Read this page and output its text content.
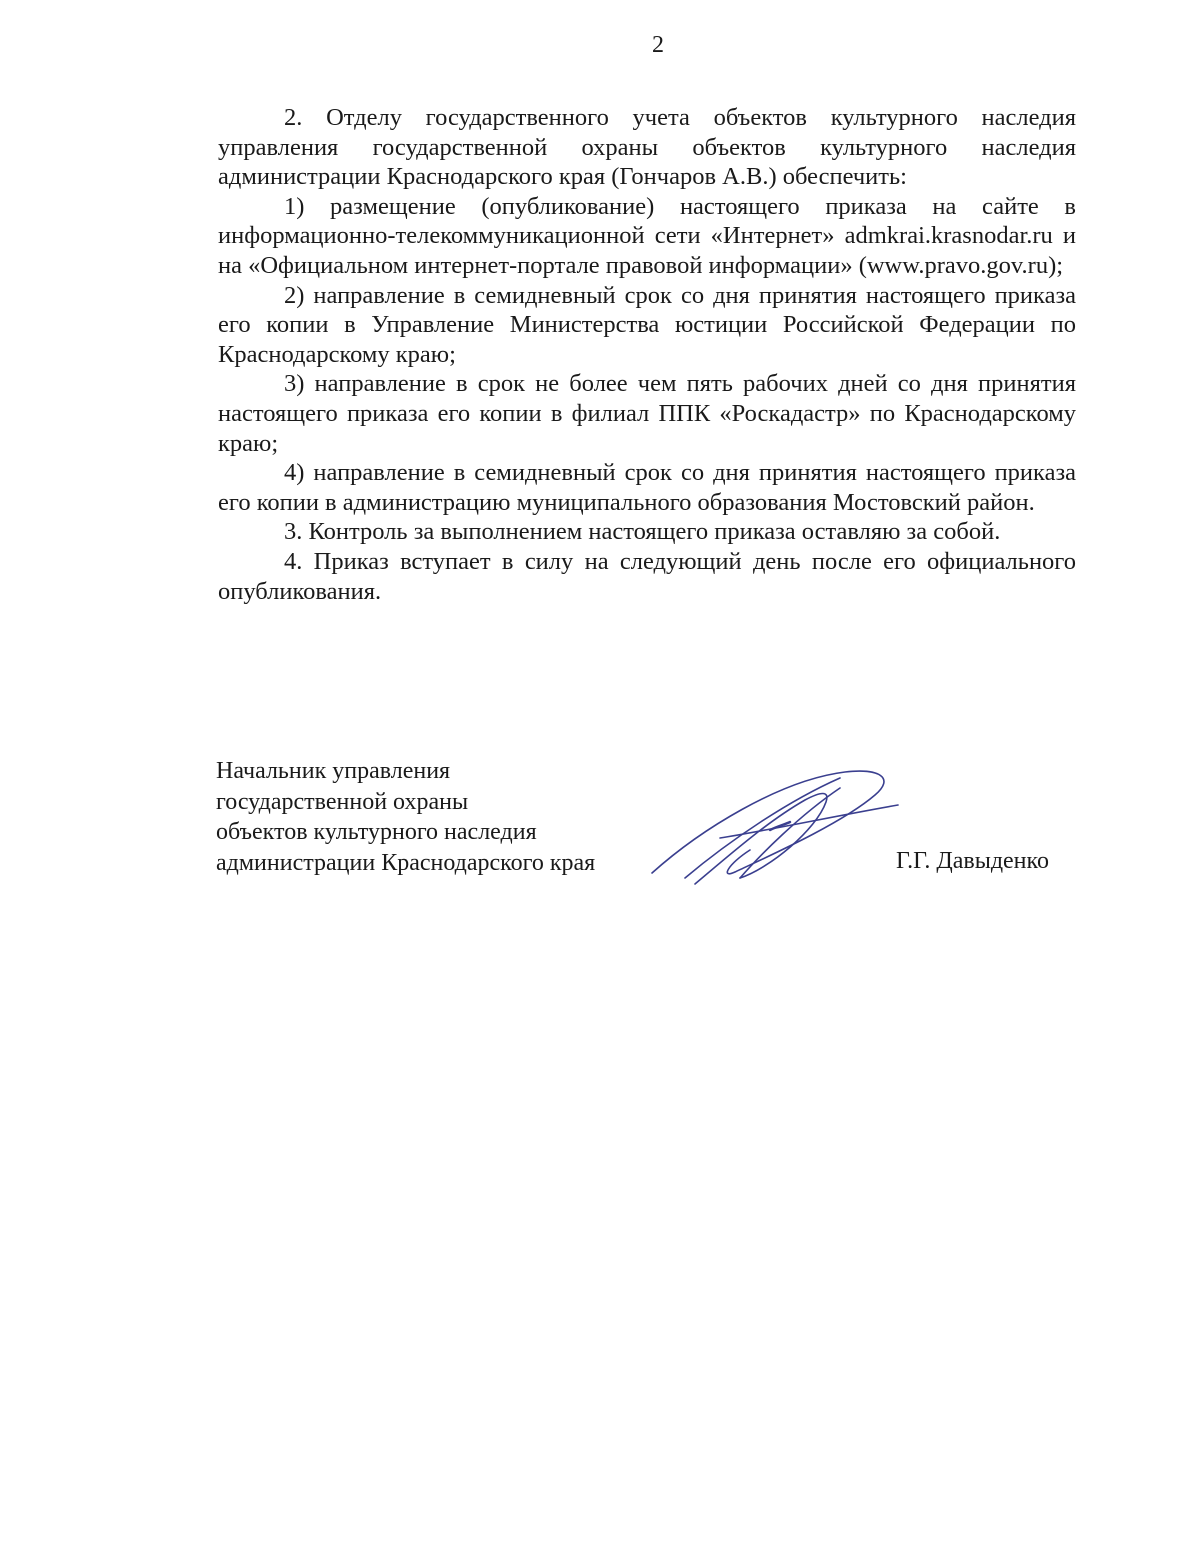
2

2. Отделу государственного учета объектов культурного наследия управления государственной охраны объектов культурного наследия администрации Краснодарского края (Гончаров А.В.) обеспечить:

1) размещение (опубликование) настоящего приказа на сайте в информационно-телекоммуникационной сети «Интернет» admkrai.krasnodar.ru и на «Официальном интернет-портале правовой информации» (www.pravo.gov.ru);

2) направление в семидневный срок со дня принятия настоящего приказа его копии в Управление Министерства юстиции Российской Федерации по Краснодарскому краю;

3) направление в срок не более чем пять рабочих дней со дня принятия настоящего приказа его копии в филиал ППК «Роскадастр» по Краснодарскому краю;

4) направление в семидневный срок со дня принятия настоящего приказа его копии в администрацию муниципального образования Мостовский район.

3. Контроль за выполнением настоящего приказа оставляю за собой.

4. Приказ вступает в силу на следующий день после его официального опубликования.

Начальник управления
государственной охраны
объектов культурного наследия
администрации Краснодарского края	Г.Г. Давыденко
